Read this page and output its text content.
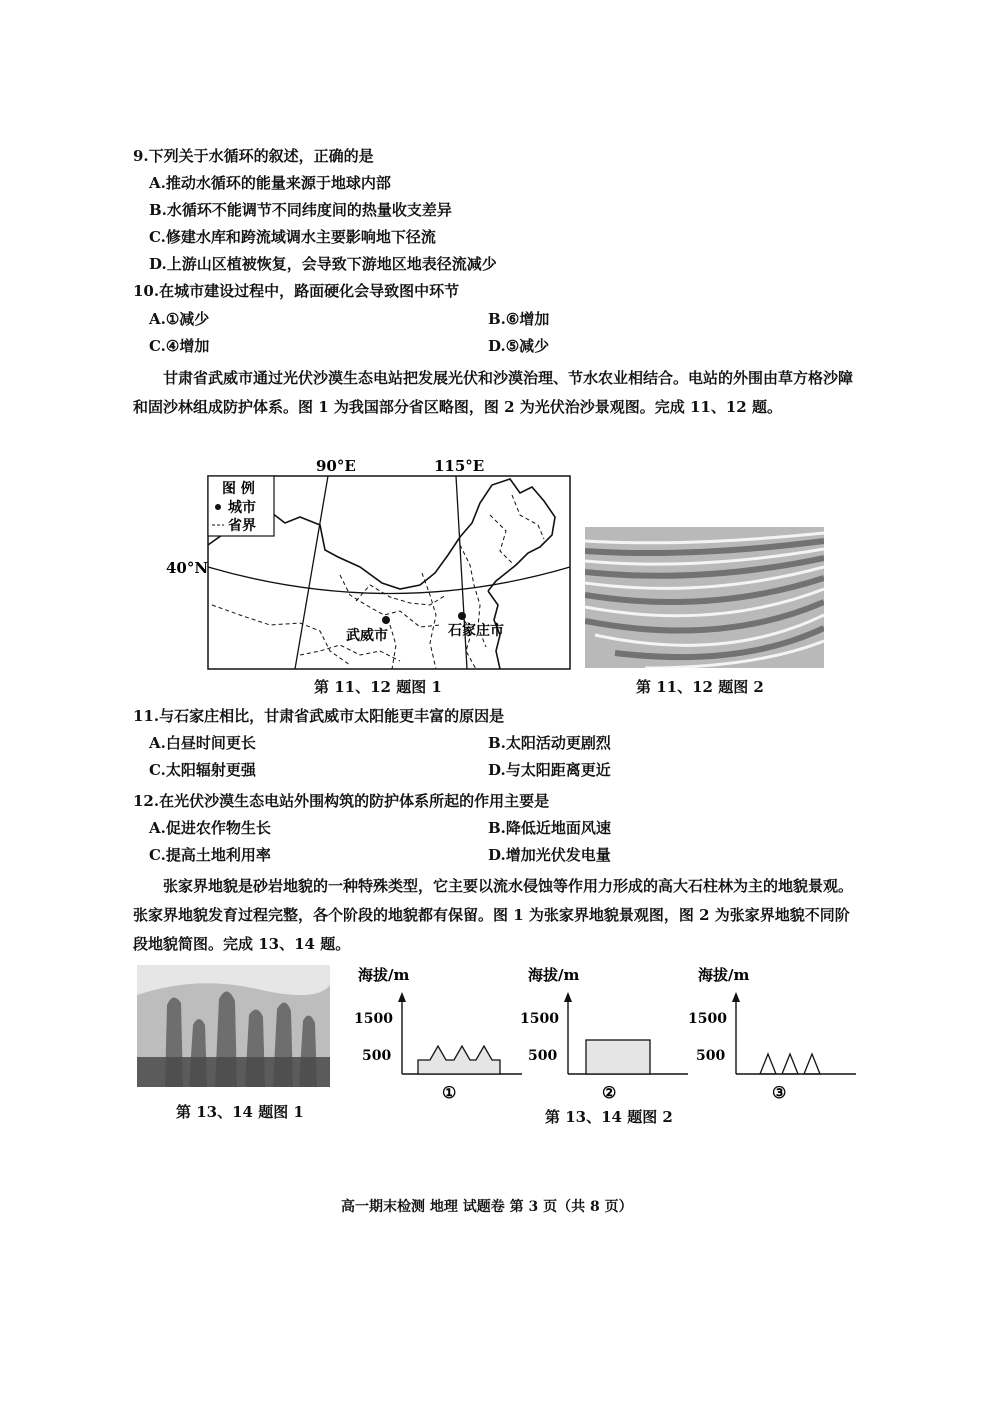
9.下列关于水循环的叙述，正确的是
A.推动水循环的能量来源于地球内部
B.水循环不能调节不同纬度间的热量收支差异
C.修建水库和跨流域调水主要影响地下径流
D.上游山区植被恢复，会导致下游地区地表径流减少
10.在城市建设过程中，路面硬化会导致图中环节
A.①减少	B.⑥增加
C.④增加	D.⑤减少
甘肃省武威市通过光伏沙漠生态电站把发展光伏和沙漠治理、节水农业相结合。电站的外围由草方格沙障和固沙林组成防护体系。图 1 为我国部分省区略图，图 2 为光伏治沙景观图。完成 11、12 题。
90°E	115°E
40°N
图 例
城市
省界
武威市	石家庄市
第 11、12 题图 1	第 11、12 题图 2
11.与石家庄相比，甘肃省武威市太阳能更丰富的原因是
A.白昼时间更长	B.太阳活动更剧烈
C.太阳辐射更强	D.与太阳距离更近
12.在光伏沙漠生态电站外围构筑的防护体系所起的作用主要是
A.促进农作物生长	B.降低近地面风速
C.提高土地利用率	D.增加光伏发电量
张家界地貌是砂岩地貌的一种特殊类型，它主要以流水侵蚀等作用力形成的高大石柱林为主的地貌景观。张家界地貌发育过程完整，各个阶段的地貌都有保留。图 1 为张家界地貌景观图，图 2 为张家界地貌不同阶段地貌简图。完成 13、14 题。
第 13、14 题图 1
海拔/m
1500
500
①
海拔/m
1500
500
②
海拔/m
1500
500
③
第 13、14 题图 2
高一期末检测 地理 试题卷 第 3 页（共 8 页）
